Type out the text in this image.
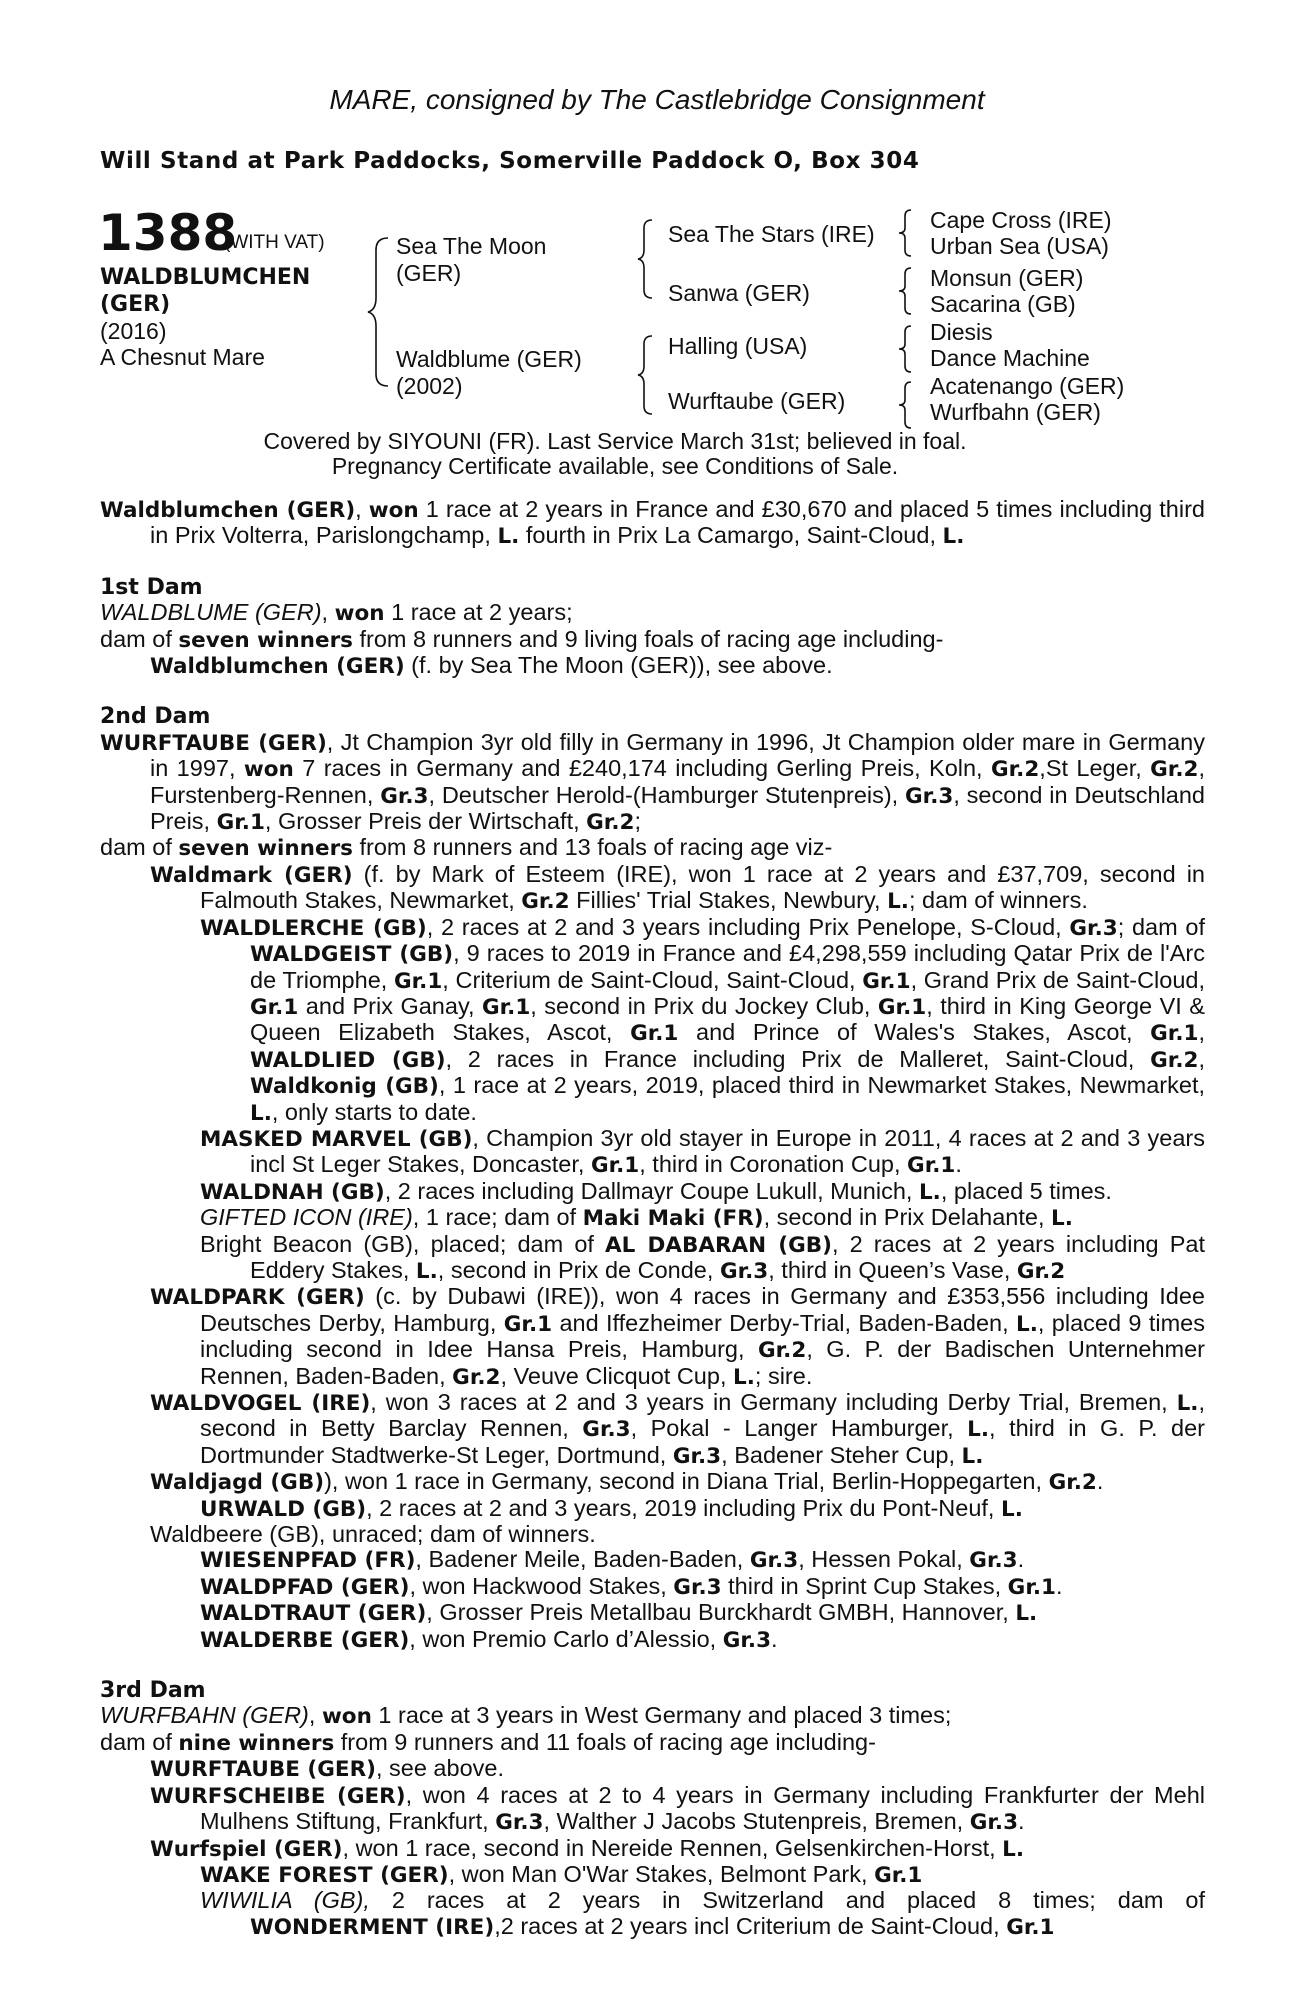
MARE, consigned by The Castlebridge Consignment
Will Stand at Park Paddocks, Somerville Paddock O, Box 304
1388
(WITH VAT)
WALDBLUMCHEN
(GER)
(2016)
A Chesnut Mare
Sea The Moon
(GER)
Waldblume (GER)
(2002)
Sea The Stars (IRE)
Sanwa (GER)
Halling (USA)
Wurftaube (GER)
Cape Cross (IRE)
Urban Sea (USA)
Monsun (GER)
Sacarina (GB)
Diesis
Dance Machine
Acatenango (GER)
Wurfbahn (GER)
Covered by SIYOUNI (FR). Last Service March 31st; believed in foal.
Pregnancy Certificate available, see Conditions of Sale.

Waldblumchen (GER), won 1 race at 2 years in France and £30,670 and placed 5 times including third in Prix Volterra, Parislongchamp, L. fourth in Prix La Camargo, Saint-Cloud, L.

1st Dam

WALDBLUME (GER), won 1 race at 2 years;

dam of seven winners from 8 runners and 9 living foals of racing age including-

Waldblumchen (GER) (f. by Sea The Moon (GER)), see above.

2nd Dam

WURFTAUBE (GER), Jt Champion 3yr old filly in Germany in 1996, Jt Champion older mare in Germany in 1997, won 7 races in Germany and £240,174 including Gerling Preis, Koln, Gr.2,St Leger, Gr.2, Furstenberg-Rennen, Gr.3, Deutscher Herold-(Hamburger Stutenpreis), Gr.3, second in Deutschland Preis, Gr.1, Grosser Preis der Wirtschaft, Gr.2;

dam of seven winners from 8 runners and 13 foals of racing age viz-

Waldmark (GER) (f. by Mark of Esteem (IRE), won 1 race at 2 years and £37,709, second in Falmouth Stakes, Newmarket, Gr.2 Fillies' Trial Stakes, Newbury, L.; dam of winners.

WALDLERCHE (GB), 2 races at 2 and 3 years including Prix Penelope, S-Cloud, Gr.3; dam of WALDGEIST (GB), 9 races to 2019 in France and £4,298,559 including Qatar Prix de l'Arc de Triomphe, Gr.1, Criterium de Saint-Cloud, Saint-Cloud, Gr.1, Grand Prix de Saint-Cloud, Gr.1 and Prix Ganay, Gr.1, second in Prix du Jockey Club, Gr.1, third in King George VI & Queen Elizabeth Stakes, Ascot, Gr.1 and Prince of Wales's Stakes, Ascot, Gr.1, WALDLIED (GB), 2 races in France including Prix de Malleret, Saint-Cloud, Gr.2, Waldkonig (GB), 1 race at 2 years, 2019, placed third in Newmarket Stakes, Newmarket, L., only starts to date.

MASKED MARVEL (GB), Champion 3yr old stayer in Europe in 2011, 4 races at 2 and 3 years incl St Leger Stakes, Doncaster, Gr.1, third in Coronation Cup, Gr.1.

WALDNAH (GB), 2 races including Dallmayr Coupe Lukull, Munich, L., placed 5 times.

GIFTED ICON (IRE), 1 race; dam of Maki Maki (FR), second in Prix Delahante, L.

Bright Beacon (GB), placed; dam of AL DABARAN (GB), 2 races at 2 years including Pat Eddery Stakes, L., second in Prix de Conde, Gr.3, third in Queen’s Vase, Gr.2

WALDPARK (GER) (c. by Dubawi (IRE)), won 4 races in Germany and £353,556 including Idee Deutsches Derby, Hamburg, Gr.1 and Iffezheimer Derby-Trial, Baden-Baden, L., placed 9 times including second in Idee Hansa Preis, Hamburg, Gr.2, G. P. der Badischen Unternehmer Rennen, Baden-Baden, Gr.2, Veuve Clicquot Cup, L.; sire.

WALDVOGEL (IRE), won 3 races at 2 and 3 years in Germany including Derby Trial, Bremen, L., second in Betty Barclay Rennen, Gr.3, Pokal - Langer Hamburger, L., third in G. P. der Dortmunder Stadtwerke-St Leger, Dortmund, Gr.3, Badener Steher Cup, L.

Waldjagd (GB)), won 1 race in Germany, second in Diana Trial, Berlin-Hoppegarten, Gr.2.

URWALD (GB), 2 races at 2 and 3 years, 2019 including Prix du Pont-Neuf, L.

Waldbeere (GB), unraced; dam of winners.

WIESENPFAD (FR), Badener Meile, Baden-Baden, Gr.3, Hessen Pokal, Gr.3.

WALDPFAD (GER), won Hackwood Stakes, Gr.3 third in Sprint Cup Stakes, Gr.1.

WALDTRAUT (GER), Grosser Preis Metallbau Burckhardt GMBH, Hannover, L.

WALDERBE (GER), won Premio Carlo d’Alessio, Gr.3.

3rd Dam

WURFBAHN (GER), won 1 race at 3 years in West Germany and placed 3 times;

dam of nine winners from 9 runners and 11 foals of racing age including-

WURFTAUBE (GER), see above.

WURFSCHEIBE (GER), won 4 races at 2 to 4 years in Germany including Frankfurter der Mehl Mulhens Stiftung, Frankfurt, Gr.3, Walther J Jacobs Stutenpreis, Bremen, Gr.3.

Wurfspiel (GER), won 1 race, second in Nereide Rennen, Gelsenkirchen-Horst, L.

WAKE FOREST (GER), won Man O'War Stakes, Belmont Park, Gr.1

WIWILIA (GB), 2 races at 2 years in Switzerland and placed 8 times; dam of

WONDERMENT (IRE),2 races at 2 years incl Criterium de Saint-Cloud, Gr.1
